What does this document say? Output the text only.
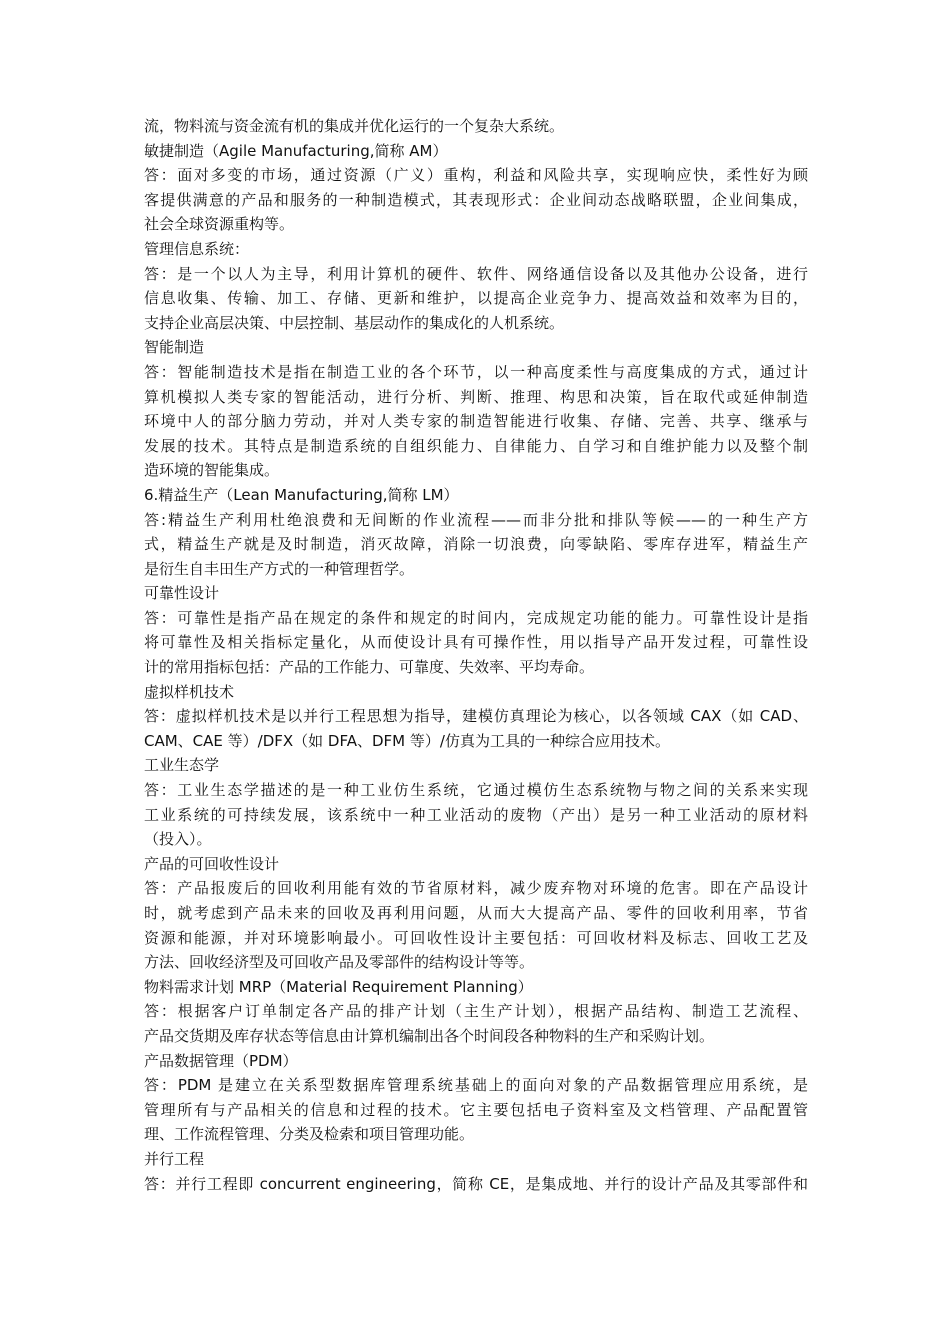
流，物料流与资金流有机的集成并优化运行的一个复杂大系统。
敏捷制造（Agile Manufacturing,简称 AM）
答：面对多变的市场，通过资源（广义）重构，利益和风险共享，实现响应快，柔性好为顾
客提供满意的产品和服务的一种制造模式，其表现形式：企业间动态战略联盟，企业间集成，
社会全球资源重构等。
管理信息系统：
答：是一个以人为主导，利用计算机的硬件、软件、网络通信设备以及其他办公设备，进行
信息收集、传输、加工、存储、更新和维护，以提高企业竞争力、提高效益和效率为目的，
支持企业高层决策、中层控制、基层动作的集成化的人机系统。
智能制造
答：智能制造技术是指在制造工业的各个环节，以一种高度柔性与高度集成的方式，通过计
算机模拟人类专家的智能活动，进行分析、判断、推理、构思和决策，旨在取代或延伸制造
环境中人的部分脑力劳动，并对人类专家的制造智能进行收集、存储、完善、共享、继承与
发展的技术。其特点是制造系统的自组织能力、自律能力、自学习和自维护能力以及整个制
造环境的智能集成。
6.精益生产（Lean Manufacturing,简称 LM）
答:精益生产利用杜绝浪费和无间断的作业流程——而非分批和排队等候——的一种生产方
式，精益生产就是及时制造，消灭故障，消除一切浪费，向零缺陷、零库存进军，精益生产
是衍生自丰田生产方式的一种管理哲学。
可靠性设计
答：可靠性是指产品在规定的条件和规定的时间内，完成规定功能的能力。可靠性设计是指
将可靠性及相关指标定量化，从而使设计具有可操作性，用以指导产品开发过程，可靠性设
计的常用指标包括：产品的工作能力、可靠度、失效率、平均寿命。
虚拟样机技术
答：虚拟样机技术是以并行工程思想为指导，建模仿真理论为核心，以各领域 CAX（如 CAD、
CAM、CAE 等）/DFX（如 DFA、DFM 等）/仿真为工具的一种综合应用技术。
工业生态学
答：工业生态学描述的是一种工业仿生系统，它通过模仿生态系统物与物之间的关系来实现
工业系统的可持续发展，该系统中一种工业活动的废物（产出）是另一种工业活动的原材料
（投入）。
产品的可回收性设计
答：产品报废后的回收利用能有效的节省原材料，减少废弃物对环境的危害。即在产品设计
时，就考虑到产品未来的回收及再利用问题，从而大大提高产品、零件的回收利用率，节省
资源和能源，并对环境影响最小。可回收性设计主要包括：可回收材料及标志、回收工艺及
方法、回收经济型及可回收产品及零部件的结构设计等等。
物料需求计划 MRP（Material Requirement Planning）
答：根据客户订单制定各产品的排产计划（主生产计划），根据产品结构、制造工艺流程、
产品交货期及库存状态等信息由计算机编制出各个时间段各种物料的生产和采购计划。
产品数据管理（PDM）
答：PDM 是建立在关系型数据库管理系统基础上的面向对象的产品数据管理应用系统，是
管理所有与产品相关的信息和过程的技术。它主要包括电子资料室及文档管理、产品配置管
理、工作流程管理、分类及检索和项目管理功能。
并行工程
答：并行工程即 concurrent engineering，简称 CE，是集成地、并行的设计产品及其零部件和
